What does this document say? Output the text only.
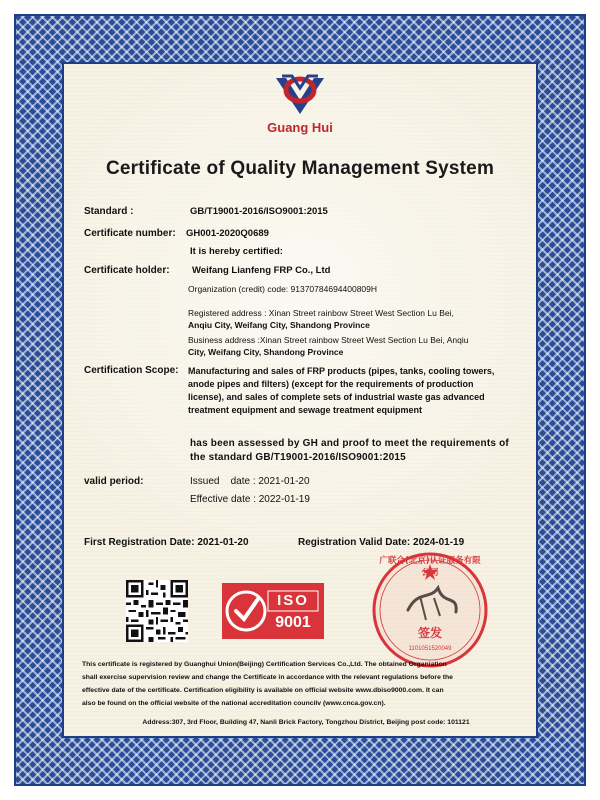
Guang Hui
Certificate of Quality Management System
Standard :	GB/T19001-2016/ISO9001:2015
Certificate number: GH001-2020Q0689
It is hereby certified:
Certificate holder: Weifang Lianfeng FRP Co., Ltd
Organization (credit) code: 91370784694400809H
Registered address : Xinan Street rainbow Street West Section Lu Bei,
Anqiu City, Weifang City, Shandong Province
Business address :Xinan Street rainbow Street West Section Lu Bei, Anqiu
City, Weifang City, Shandong Province
Certification Scope: Manufacturing and sales of FRP products (pipes, tanks, cooling towers,
anode pipes and filters) (except for the requirements of production
license), and sales of complete sets of industrial waste gas advanced
treatment equipment and sewage treatment equipment
has been assessed by GH and proof to meet the requirements of
the standard GB/T19001-2016/ISO9001:2015
valid period:	Issued    date : 2021-01-20
Effective date : 2022-01-19
First Registration Date: 2021-01-20	Registration Valid Date: 2024-01-19
ISO
9001
广联合(北京)认证服务有限公司
签发
1101051520049
This certificate is registered by Guanghui Union(Beijing) Certification Services Co.,Ltd. The obtained Organiation
shall exercise supervision review and change the Certificate in accordance with the relevant regulations before the
effective date of the certificate. Certification eligibility is available on official website www.dbiso9000.com. It can
also be found on the official website of the national accreditation councilv (www.cnca.gov.cn).
Address:307, 3rd Floor, Building 47, Nanli Brick Factory, Tongzhou District, Beijing post code: 101121
